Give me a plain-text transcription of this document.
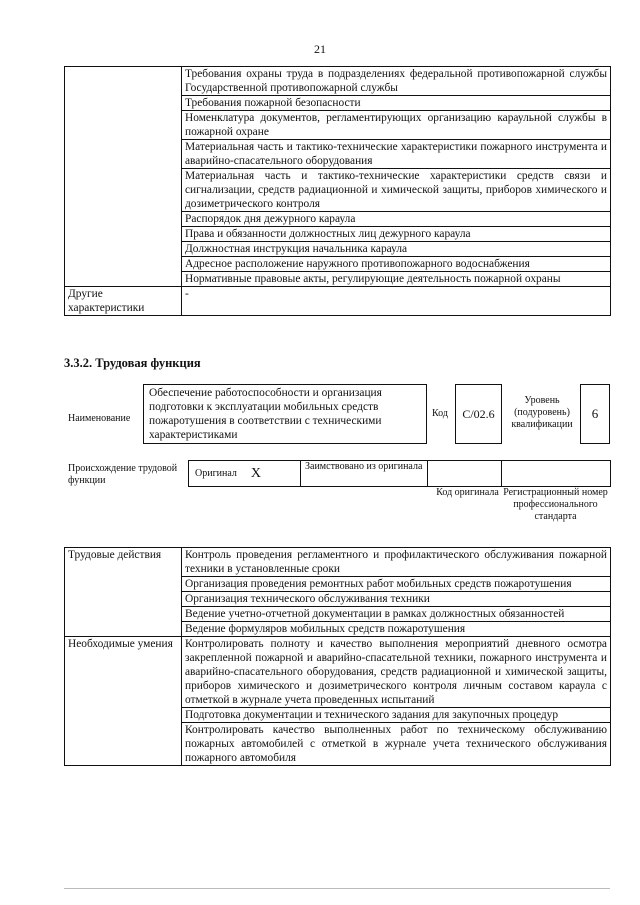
21
	Требования охраны труда в подразделениях федеральной противопожарной службы Государственной противопожарной службы
	Требования пожарной безопасности
	Номенклатура документов, регламентирующих организацию караульной службы в пожарной охране
	Материальная часть и тактико-технические характеристики пожарного инструмента и аварийно-спасательного оборудования
	Материальная часть и тактико-технические характеристики средств связи и сигнализации, средств радиационной и химической защиты, приборов химического и дозиметрического контроля
	Распорядок дня дежурного караула
	Права и обязанности должностных лиц дежурного караула
	Должностная инструкция начальника караула
	Адресное расположение наружного противопожарного водоснабжения
	Нормативные правовые акты, регулирующие деятельность пожарной охраны
Другие характеристики	-
3.3.2. Трудовая функция
Наименование
Обеспечение работоспособности и организация подготовки к эксплуатации мобильных средств пожаротушения в соответствии с техническими характеристиками
Код	C/02.6
Уровень (подуровень) квалификации
6
Происхождение трудовой функции
Оригинал X	Заимствовано из оригинала
Код оригинала Регистрационный номер профессионального стандарта
Трудовые действия	Контроль проведения регламентного и профилактического обслуживания пожарной техники в установленные сроки
	Организация проведения ремонтных работ мобильных средств пожаротушения
	Организация технического обслуживания техники
	Ведение учетно-отчетной документации в рамках должностных обязанностей
	Ведение формуляров мобильных средств пожаротушения
Необходимые умения	Контролировать полноту и качество выполнения мероприятий дневного осмотра закрепленной пожарной и аварийно-спасательной техники, пожарного инструмента и аварийно-спасательного оборудования, средств радиационной и химической защиты, приборов химического и дозиметрического контроля личным составом караула с отметкой в журнале учета проведенных испытаний
	Подготовка документации и технического задания для закупочных процедур
	Контролировать качество выполненных работ по техническому обслуживанию пожарных автомобилей с отметкой в журнале учета технического обслуживания пожарного автомобиля
